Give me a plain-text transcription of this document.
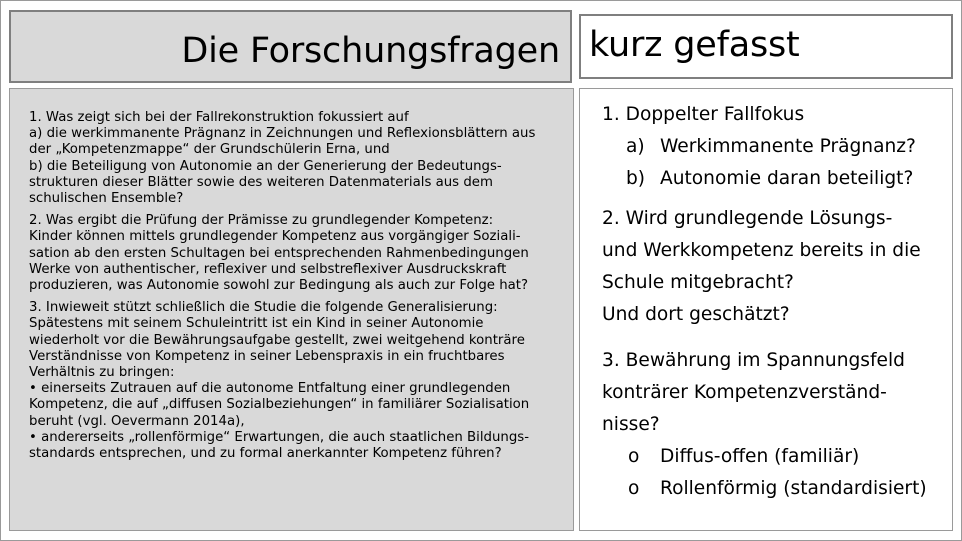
Die Forschungsfragen kurz gefasst

1. Was zeigt sich bei der Fallrekonstruktion fokussiert auf

a) die werkimmanente Prägnanz in Zeichnungen und Reflexionsblättern aus

der „Kompetenzmappe“ der Grundschülerin Erna, und

b) die Beteiligung von Autonomie an der Generierung der Bedeutungs-

strukturen dieser Blätter sowie des weiteren Datenmaterials aus dem

schulischen Ensemble?

2. Was ergibt die Prüfung der Prämisse zu grundlegender Kompetenz:

Kinder können mittels grundlegender Kompetenz aus vorgängiger Soziali-

sation ab den ersten Schultagen bei entsprechenden Rahmenbedingungen

Werke von authentischer, reflexiver und selbstreflexiver Ausdruckskraft

produzieren, was Autonomie sowohl zur Bedingung als auch zur Folge hat?

3. Inwieweit stützt schließlich die Studie die folgende Generalisierung:

Spätestens mit seinem Schuleintritt ist ein Kind in seiner Autonomie

wiederholt vor die Bewährungsaufgabe gestellt, zwei weitgehend konträre

Verständnisse von Kompetenz in seiner Lebenspraxis in ein fruchtbares

Verhältnis zu bringen:

• einerseits Zutrauen auf die autonome Entfaltung einer grundlegenden

Kompetenz, die auf „diffusen Sozialbeziehungen“ in familiärer Sozialisation

beruht (vgl. Oevermann 2014a),

• andererseits „rollenförmige“ Erwartungen, die auch staatlichen Bildungs-

standards entsprechen, und zu formal anerkannter Kompetenz führen?

1. Doppelter Fallfokus

a) Werkimmanente Prägnanz?
b) Autonomie daran beteiligt?

2. Wird grundlegende Lösungs-

und Werkkompetenz bereits in die

Schule mitgebracht?

Und dort geschätzt?

3. Bewährung im Spannungsfeld

konträrer Kompetenzverständ-

nisse?

o	Diffus-offen (familiär)
o	Rollenförmig (standardisiert)
